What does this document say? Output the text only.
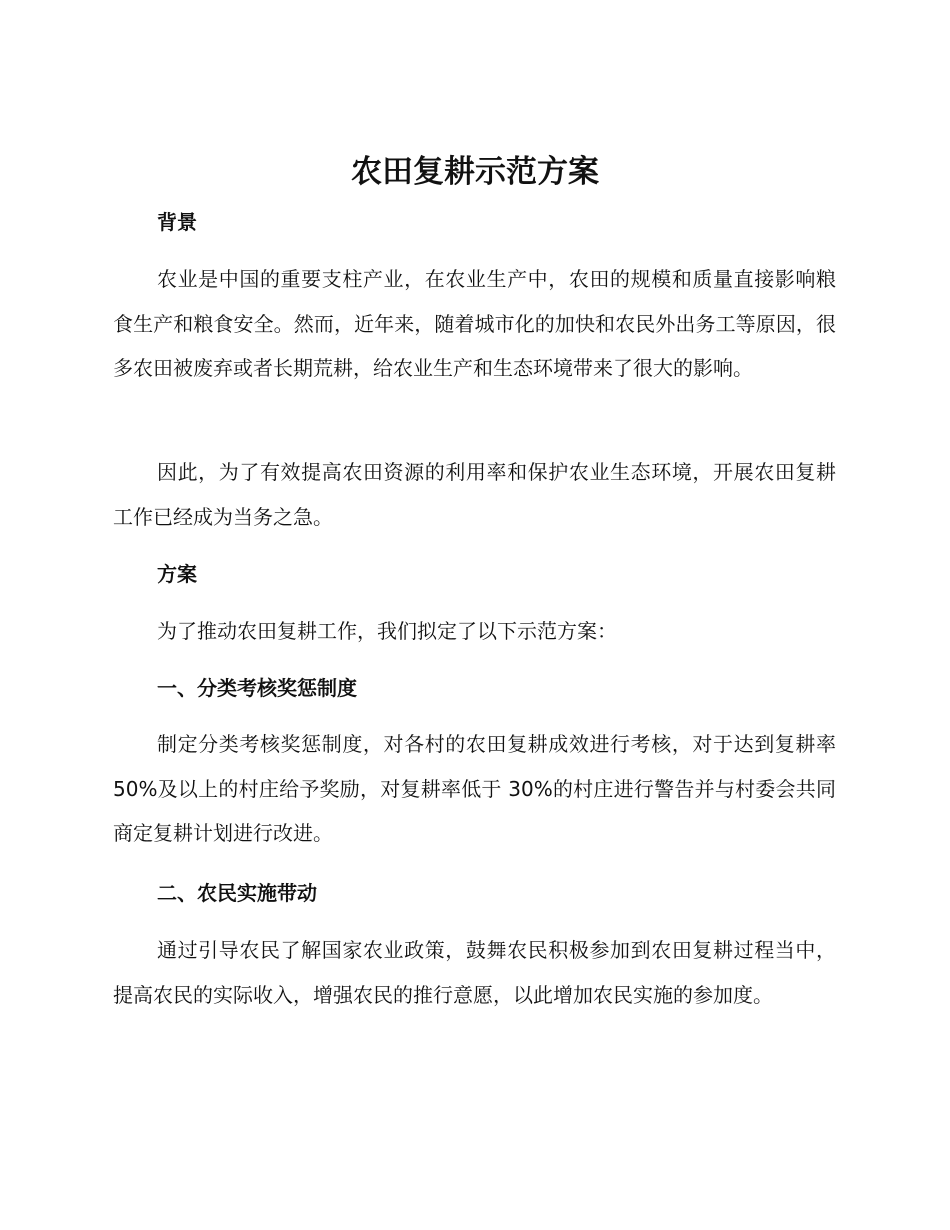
农田复耕示范方案
背景
农业是中国的重要支柱产业，在农业生产中，农田的规模和质量直接影响粮食生产和粮食安全。然而，近年来，随着城市化的加快和农民外出务工等原因，很多农田被废弃或者长期荒耕，给农业生产和生态环境带来了很大的影响。
因此，为了有效提高农田资源的利用率和保护农业生态环境，开展农田复耕工作已经成为当务之急。
方案
为了推动农田复耕工作，我们拟定了以下示范方案：
一、分类考核奖惩制度
制定分类考核奖惩制度，对各村的农田复耕成效进行考核，对于达到复耕率 50%及以上的村庄给予奖励，对复耕率低于 30%的村庄进行警告并与村委会共同商定复耕计划进行改进。
二、农民实施带动
通过引导农民了解国家农业政策，鼓舞农民积极参加到农田复耕过程当中，提高农民的实际收入，增强农民的推行意愿，以此增加农民实施的参加度。
